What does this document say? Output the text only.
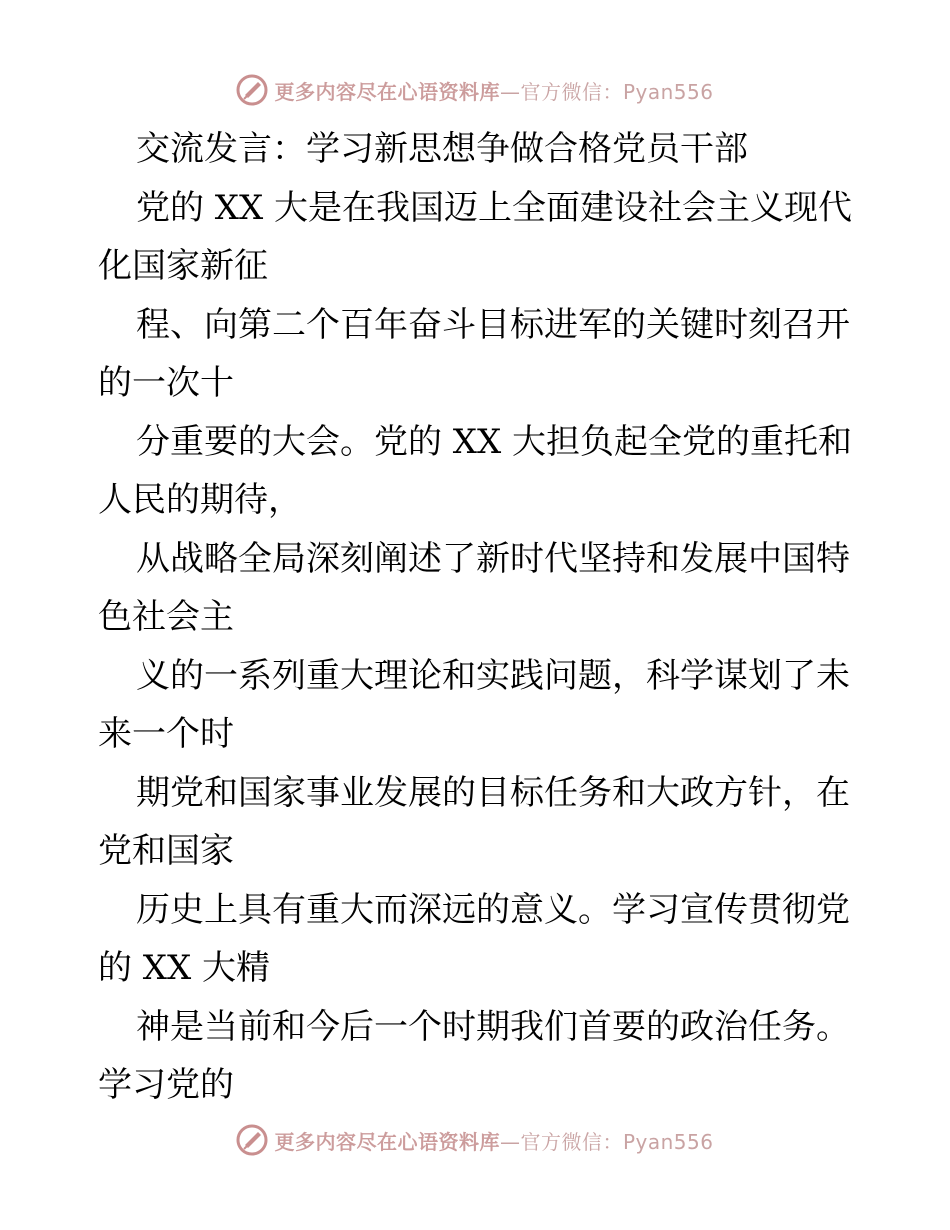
更多内容尽在心语资料库—官方微信：Pyan556
交流发言：学习新思想争做合格党员干部
党的 XX 大是在我国迈上全面建设社会主义现代
化国家新征
程、向第二个百年奋斗目标进军的关键时刻召开
的一次十
分重要的大会。党的 XX 大担负起全党的重托和
人民的期待，
从战略全局深刻阐述了新时代坚持和发展中国特
色社会主
义的一系列重大理论和实践问题，科学谋划了未
来一个时
期党和国家事业发展的目标任务和大政方针，在
党和国家
历史上具有重大而深远的意义。学习宣传贯彻党
的 XX 大精
神是当前和今后一个时期我们首要的政治任务。
学习党的
更多内容尽在心语资料库—官方微信：Pyan556
